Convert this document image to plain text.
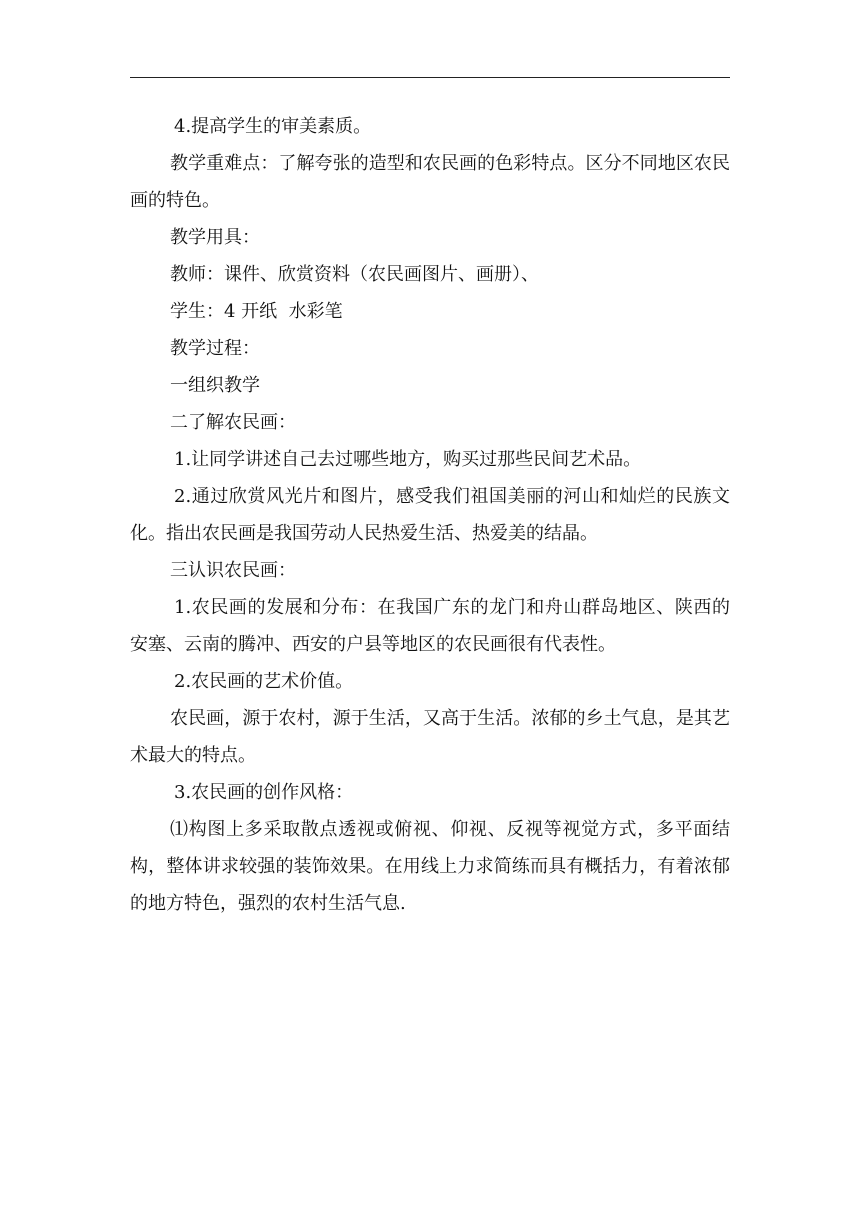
4.提高学生的审美素质。

教学重难点：了解夸张的造型和农民画的色彩特点。区分不同地区农民画的特色。

教学用具：

教师：课件、欣赏资料（农民画图片、画册）、

学生：4 开纸  水彩笔

教学过程：

一组织教学

二了解农民画：

1.让同学讲述自己去过哪些地方，购买过那些民间艺术品。

2.通过欣赏风光片和图片，感受我们祖国美丽的河山和灿烂的民族文化。指出农民画是我国劳动人民热爱生活、热爱美的结晶。

三认识农民画：

1.农民画的发展和分布：在我国广东的龙门和舟山群岛地区、陕西的安塞、云南的腾冲、西安的户县等地区的农民画很有代表性。

2.农民画的艺术价值。

农民画，源于农村，源于生活，又高于生活。浓郁的乡土气息，是其艺术最大的特点。

3.农民画的创作风格：

⑴构图上多采取散点透视或俯视、仰视、反视等视觉方式，多平面结构，整体讲求较强的装饰效果。在用线上力求简练而具有概括力，有着浓郁的地方特色，强烈的农村生活气息.
